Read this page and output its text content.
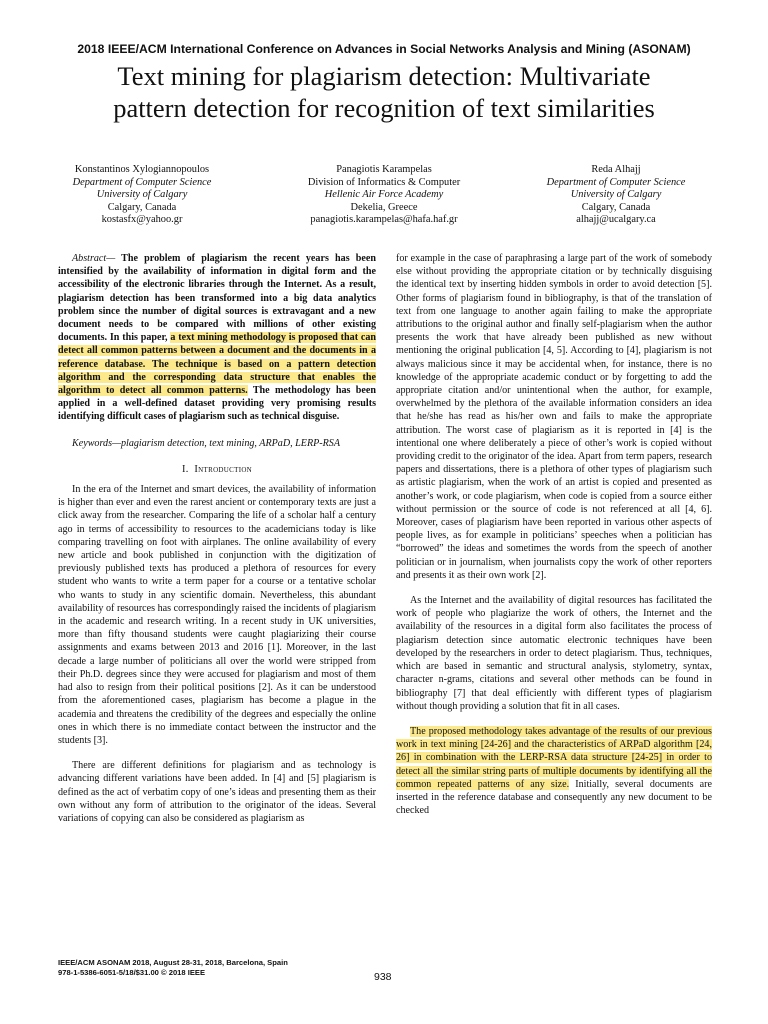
2018 IEEE/ACM International Conference on Advances in Social Networks Analysis and Mining (ASONAM)
Text mining for plagiarism detection: Multivariate
pattern detection for recognition of text similarities
Konstantinos Xylogiannopoulos
Department of Computer Science
University of Calgary
Calgary, Canada
kostasfx@yahoo.gr
Panagiotis Karampelas
Division of Informatics & Computer
Hellenic Air Force Academy
Dekelia, Greece
panagiotis.karampelas@hafa.haf.gr
Reda Alhajj
Department of Computer Science
University of Calgary
Calgary, Canada
alhajj@ucalgary.ca

Abstract— The problem of plagiarism the recent years has been intensified by the availability of information in digital form and the accessibility of the electronic libraries through the Internet. As a result, plagiarism detection has been transformed into a big data analytics problem since the number of digital sources is extravagant and a new document needs to be compared with millions of other existing documents. In this paper, a text mining methodology is proposed that can detect all common patterns between a document and the documents in a reference database. The technique is based on a pattern detection algorithm and the corresponding data structure that enables the algorithm to detect all common patterns. The methodology has been applied in a well-defined dataset providing very promising results identifying difficult cases of plagiarism such as technical disguise.

Keywords—plagiarism detection, text mining, ARPaD, LERP-RSA

I. Introduction

In the era of the Internet and smart devices, the availability of information is higher than ever and even the rarest ancient or contemporary texts are just a click away from the researcher. Comparing the life of a scholar half a century ago in terms of accessibility to resources to the academicians today is like comparing travelling on foot with airplanes. The online availability of every new article and book published in conjunction with the digitization of previously published texts has produced a plethora of resources for every student who wants to write a term paper for a course or a tentative scholar who wants to study in any scientific domain. Nevertheless, this abundant availability of resources has correspondingly raised the incidents of plagiarism in the academic and research writing. In a recent study in UK universities, more than fifty thousand students were caught plagiarizing their course assignments and exams between 2013 and 2016 [1]. Moreover, in the last decade a large number of politicians all over the world were stripped from their Ph.D. degrees since they were accused for plagiarism and most of them had also to resign from their political positions [2]. As it can be understood from the aforementioned cases, plagiarism has become a plague in the academia and threatens the credibility of the degrees and especially the online ones in which there is no immediate contact between the instructor and the students [3].

There are different definitions for plagiarism and as technology is advancing different variations have been added. In [4] and [5] plagiarism is defined as the act of verbatim copy of one’s ideas and presenting them as their own without any form of attribution to the originator of the ideas. Several variations of copying can also be considered as plagiarism as

for example in the case of paraphrasing a large part of the work of somebody else without providing the appropriate citation or by technically disguising the identical text by inserting hidden symbols in order to avoid detection [5]. Other forms of plagiarism found in bibliography, is that of the translation of text from one language to another again failing to make the appropriate attributions to the original author and finally self-plagiarism when the author presents the work that have already been published as new without mentioning the original publication [4, 5]. According to [4], plagiarism is not always malicious since it may be accidental when, for instance, there is no knowledge of the appropriate academic conduct or by forgetting to add the appropriate citation and/or unintentional when the author, for example, overwhelmed by the plethora of the available information considers an idea that he/she has read as his/her own and fails to make the appropriate attribution. The worst case of plagiarism as it is reported in [4] is the intentional one where deliberately a piece of other’s work is copied without providing credit to the originator of the idea. Apart from term papers, research papers and dissertations, there is a plethora of other types of plagiarism such as artistic plagiarism, when the work of an artist is copied and presented as another’s work, or code plagiarism, when code is copied from a source either without permission or the source of code is not referenced at all [4, 6]. Moreover, cases of plagiarism have been reported in various other aspects of people lives, as for example in politicians’ speeches when a politician has “borrowed” the ideas and sometimes the words from the speech of another politician or in journalism, when journalists copy the work of other reporters and presents it as their own work [2].

As the Internet and the availability of digital resources has facilitated the work of people who plagiarize the work of others, the Internet and the availability of the resources in a digital form also facilitates the process of plagiarism detection since automatic electronic techniques have been developed by the researchers in order to detect plagiarism. Thus, techniques, which are based in semantic and structural analysis, stylometry, syntax, character n-grams, citations and several other methods can be found in bibliography [7] that deal efficiently with different types of plagiarism without though providing a solution that fit in all cases.

The proposed methodology takes advantage of the results of our previous work in text mining [24-26] and the characteristics of ARPaD algorithm [24, 26] in combination with the LERP-RSA data structure [24-25] in order to detect all the similar string parts of multiple documents by identifying all the common repeated patterns of any size. Initially, several documents are inserted in the reference database and consequently any new document to be checked

IEEE/ACM ASONAM 2018, August 28-31, 2018, Barcelona, Spain
978-1-5386-6051-5/18/$31.00 © 2018 IEEE	938
